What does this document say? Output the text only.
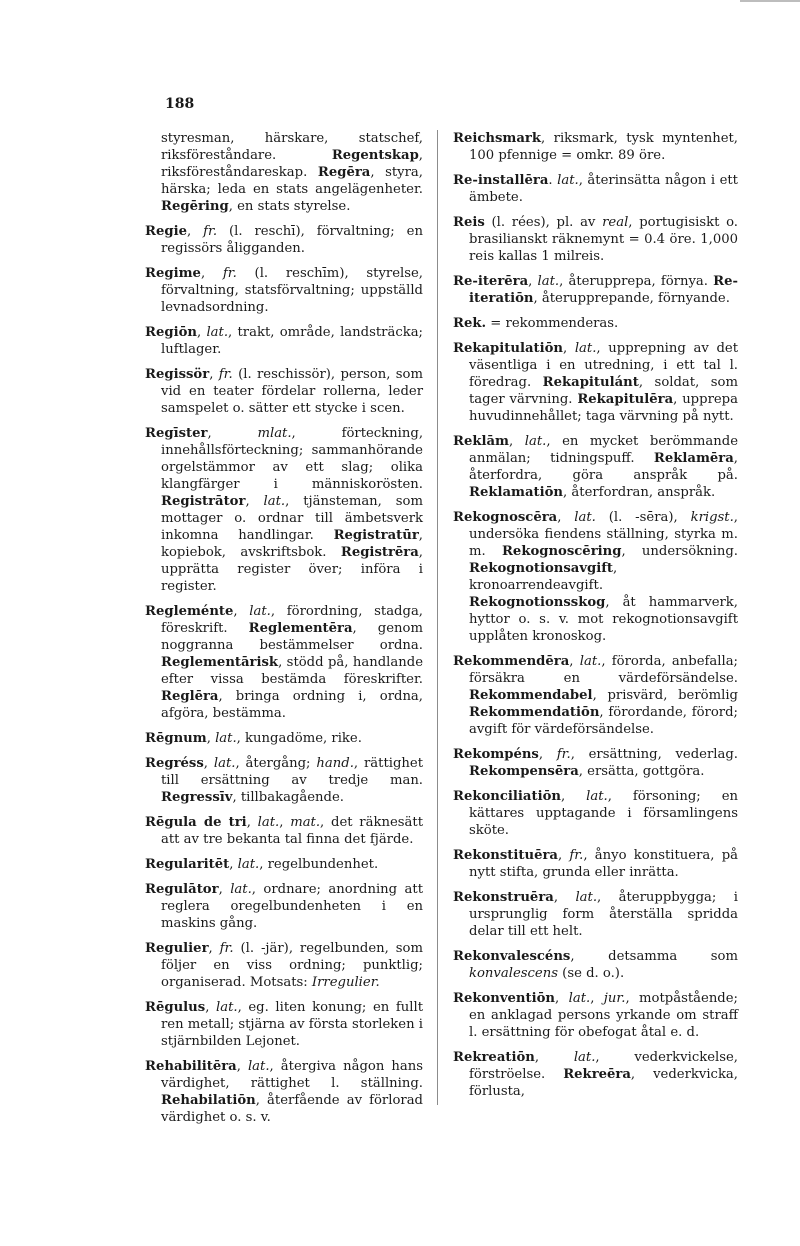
188

styresman, härskare, statschef, riksföreståndare. Regentskap, riksföreståndareskap. Regēra, styra, härska; leda en stats angelägenheter. Regēring, en stats styrelse.

Regie, fr. (l. reschī), förvaltning; en regissörs åligganden.

Regime, fr. (l. reschīm), styrelse, förvaltning, statsförvaltning; uppställd levnadsordning.

Regiōn, lat., trakt, område, landsträcka; luftlager.

Regissör, fr. (l. reschissör), person, som vid en teater fördelar rollerna, leder samspelet o. sätter ett stycke i scen.

Regīster, mlat., förteckning, innehållsförteckning; sammanhörande orgelstämmor av ett slag; olika klangfärger i människorösten. Registrātor, lat., tjänsteman, som mottager o. ordnar till ämbetsverk inkomna handlingar. Registratūr, kopiebok, avskriftsbok. Registrēra, upprätta register över; införa i register.

Regleménte, lat., förordning, stadga, föreskrift. Reglementēra, genom noggranna bestämmelser ordna. Reglementārisk, stödd på, handlande efter vissa bestämda föreskrifter. Reglēra, bringa ordning i, ordna, afgöra, bestämma.

Rēgnum, lat., kungadöme, rike.

Regréss, lat., återgång; hand., rättighet till ersättning av tredje man. Regressīv, tillbakagående.

Rēgula de tri, lat., mat., det räknesätt att av tre bekanta tal finna det fjärde.

Regularitēt, lat., regelbundenhet.

Regulātor, lat., ordnare; anordning att reglera oregelbundenheten i en maskins gång.

Regulier, fr. (l. -jär), regelbunden, som följer en viss ordning; punktlig; organiserad. Motsats: Irregulier.

Rēgulus, lat., eg. liten konung; en fullt ren metall; stjärna av första storleken i stjärnbilden Lejonet.

Rehabilitēra, lat., återgiva någon hans värdighet, rättighet l. ställning. Rehabilatiōn, återfående av förlorad värdighet o. s. v.

Reichsmark, riksmark, tysk myntenhet, 100 pfennige = omkr. 89 öre.

Re-installēra. lat., återinsätta någon i ett ämbete.

Reis (l. rées), pl. av real, portugisiskt o. brasilianskt räknemynt = 0.4 öre. 1,000 reis kallas 1 milreis.

Re-iterēra, lat., återupprepa, förnya. Re-iteratiōn, återupprepande, förnyande.

Rek. = rekommenderas.

Rekapitulatiōn, lat., upprepning av det väsentliga i en utredning, i ett tal l. föredrag. Rekapitulánt, soldat, som tager värvning. Rekapitulēra, upprepa huvudinnehållet; taga värvning på nytt.

Reklām, lat., en mycket berömmande anmälan; tidningspuff. Reklamēra, återfordra, göra anspråk på. Reklamatiōn, återfordran, anspråk.

Rekognoscēra, lat. (l. -sēra), krigst., undersöka fiendens ställning, styrka m. m. Rekognoscēring, undersökning. Rekognotionsavgift, kronoarrendeavgift. Rekognotionsskog, åt hammarverk, hyttor o. s. v. mot rekognotionsavgift upplåten kronoskog.

Rekommendēra, lat., förorda, anbefalla; försäkra en värdeförsändelse. Rekommendabel, prisvärd, berömlig Rekommendatiōn, förordande, förord; avgift för värdeförsändelse.

Rekompéns, fr., ersättning, vederlag. Rekompensēra, ersätta, gottgöra.

Rekonciliatiōn, lat., försoning; en kättares upptagande i församlingens sköte.

Rekonstituēra, fr., ånyo konstituera, på nytt stifta, grunda eller inrätta.

Rekonstruēra, lat., återuppbygga; i ursprunglig form återställa spridda delar till ett helt.

Rekonvalescéns, detsamma som konvalescens (se d. o.).

Rekonventiōn, lat., jur., motpåstående; en anklagad persons yrkande om straff l. ersättning för obefogat åtal e. d.

Rekreatiōn, lat., vederkvickelse, förströelse. Rekreēra, vederkvicka, förlusta,
